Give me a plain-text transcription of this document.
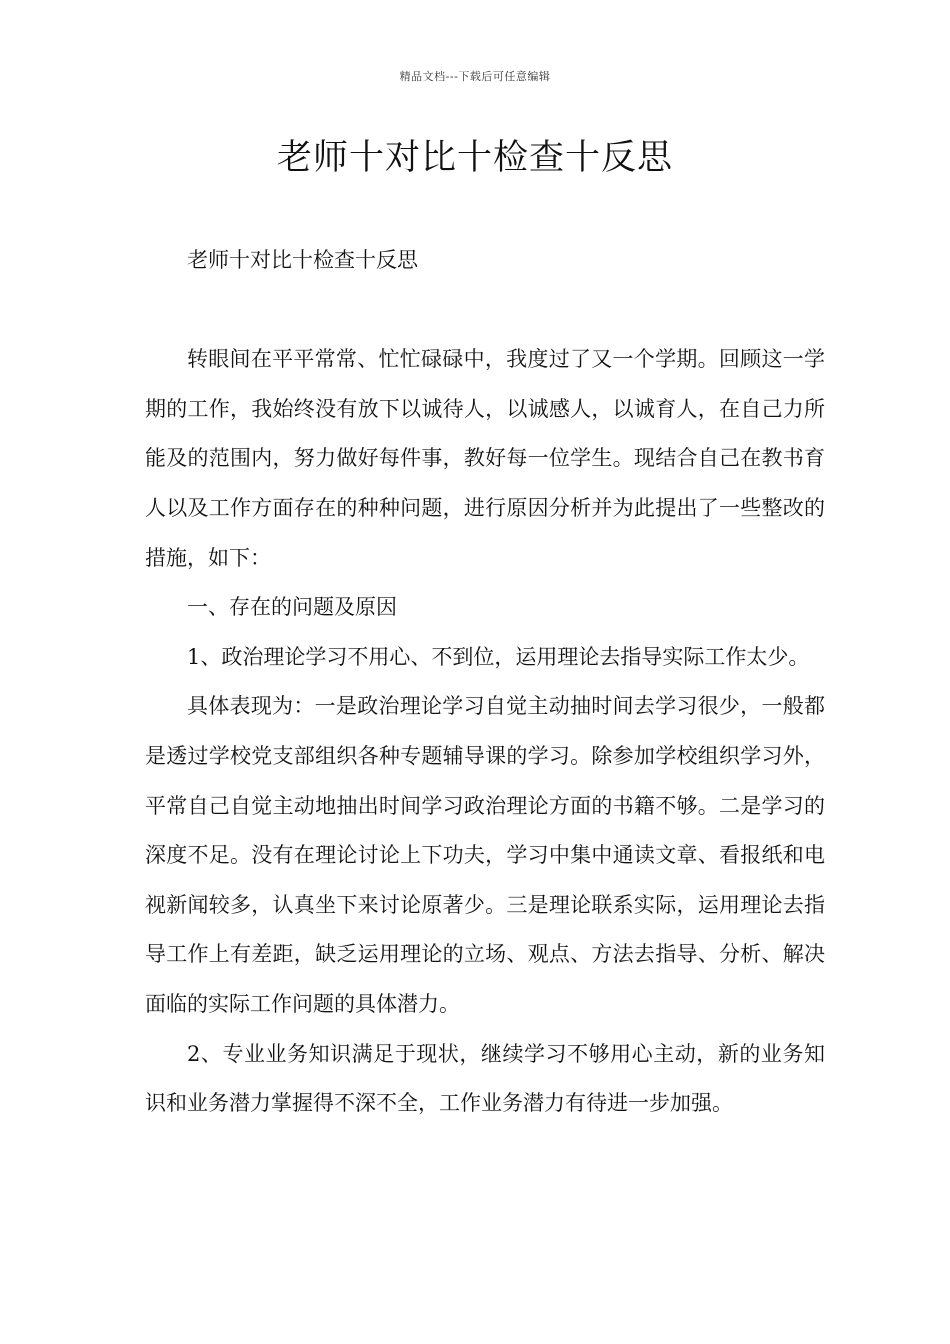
精品文档---下载后可任意编辑
老师十对比十检查十反思

老师十对比十检查十反思

转眼间在平平常常、忙忙碌碌中，我度过了又一个学期。回顾这一学期的工作，我始终没有放下以诚待人，以诚感人，以诚育人，在自己力所能及的范围内，努力做好每件事，教好每一位学生。现结合自己在教书育人以及工作方面存在的种种问题，进行原因分析并为此提出了一些整改的措施，如下：

一、存在的问题及原因

1、政治理论学习不用心、不到位，运用理论去指导实际工作太少。

具体表现为：一是政治理论学习自觉主动抽时间去学习很少，一般都是透过学校党支部组织各种专题辅导课的学习。除参加学校组织学习外，平常自己自觉主动地抽出时间学习政治理论方面的书籍不够。二是学习的深度不足。没有在理论讨论上下功夫，学习中集中通读文章、看报纸和电视新闻较多，认真坐下来讨论原著少。三是理论联系实际，运用理论去指导工作上有差距，缺乏运用理论的立场、观点、方法去指导、分析、解决面临的实际工作问题的具体潜力。

2、专业业务知识满足于现状，继续学习不够用心主动，新的业务知识和业务潜力掌握得不深不全，工作业务潜力有待进一步加强。
